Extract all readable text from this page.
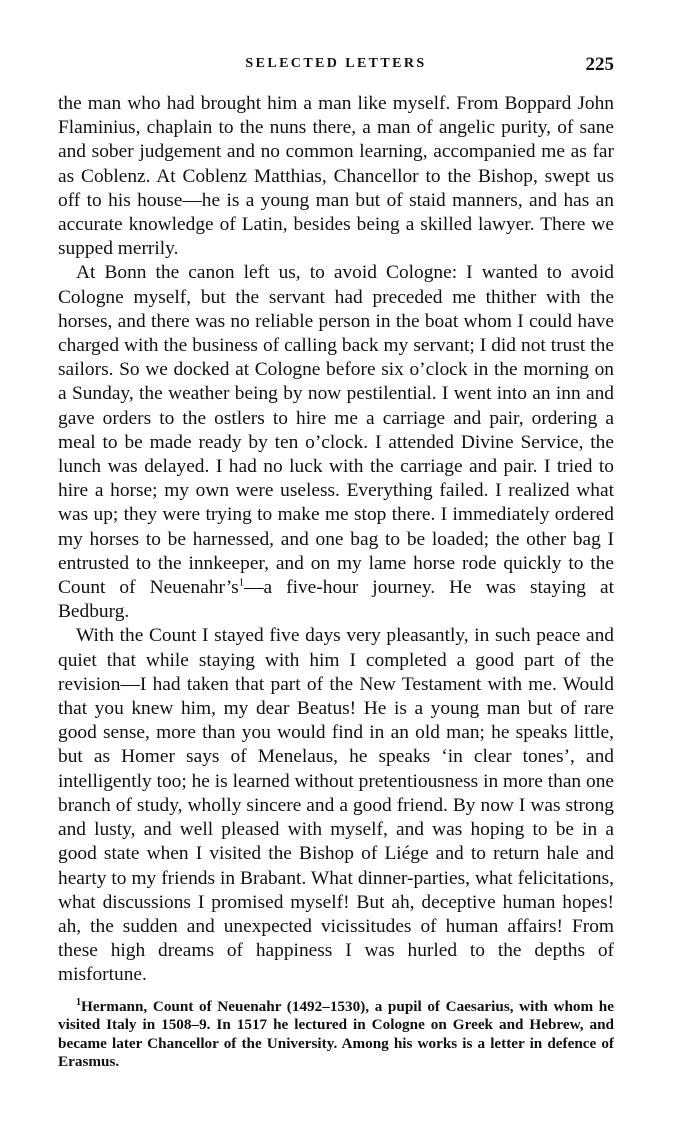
SELECTED LETTERS	225

the man who had brought him a man like myself. From Boppard John Flaminius, chaplain to the nuns there, a man of angelic purity, of sane and sober judgement and no common learning, accompanied me as far as Coblenz. At Coblenz Matthias, Chancellor to the Bishop, swept us off to his house—he is a young man but of staid manners, and has an accurate knowledge of Latin, besides being a skilled lawyer. There we supped merrily.

At Bonn the canon left us, to avoid Cologne: I wanted to avoid Cologne myself, but the servant had preceded me thither with the horses, and there was no reliable person in the boat whom I could have charged with the business of calling back my servant; I did not trust the sailors. So we docked at Cologne before six o’clock in the morning on a Sunday, the weather being by now pestilential. I went into an inn and gave orders to the ostlers to hire me a carriage and pair, ordering a meal to be made ready by ten o’clock. I attended Divine Service, the lunch was delayed. I had no luck with the carriage and pair. I tried to hire a horse; my own were useless. Everything failed. I realized what was up; they were trying to make me stop there. I immediately ordered my horses to be harnessed, and one bag to be loaded; the other bag I entrusted to the innkeeper, and on my lame horse rode quickly to the Count of Neuenahr’s$^1$—a five-hour journey. He was staying at Bedburg.

With the Count I stayed five days very pleasantly, in such peace and quiet that while staying with him I completed a good part of the revision—I had taken that part of the New Testament with me. Would that you knew him, my dear Beatus! He is a young man but of rare good sense, more than you would find in an old man; he speaks little, but as Homer says of Menelaus, he speaks ‘in clear tones’, and intelligently too; he is learned without pretentiousness in more than one branch of study, wholly sincere and a good friend. By now I was strong and lusty, and well pleased with myself, and was hoping to be in a good state when I visited the Bishop of Liége and to return hale and hearty to my friends in Brabant. What dinner-parties, what felicitations, what discussions I promised myself! But ah, deceptive human hopes! ah, the sudden and unexpected vicissitudes of human affairs! From these high dreams of happiness I was hurled to the depths of misfortune.

$^1$Hermann, Count of Neuenahr (1492–1530), a pupil of Caesarius, with whom he visited Italy in 1508–9. In 1517 he lectured in Cologne on Greek and Hebrew, and became later Chancellor of the University. Among his works is a letter in defence of Erasmus.
